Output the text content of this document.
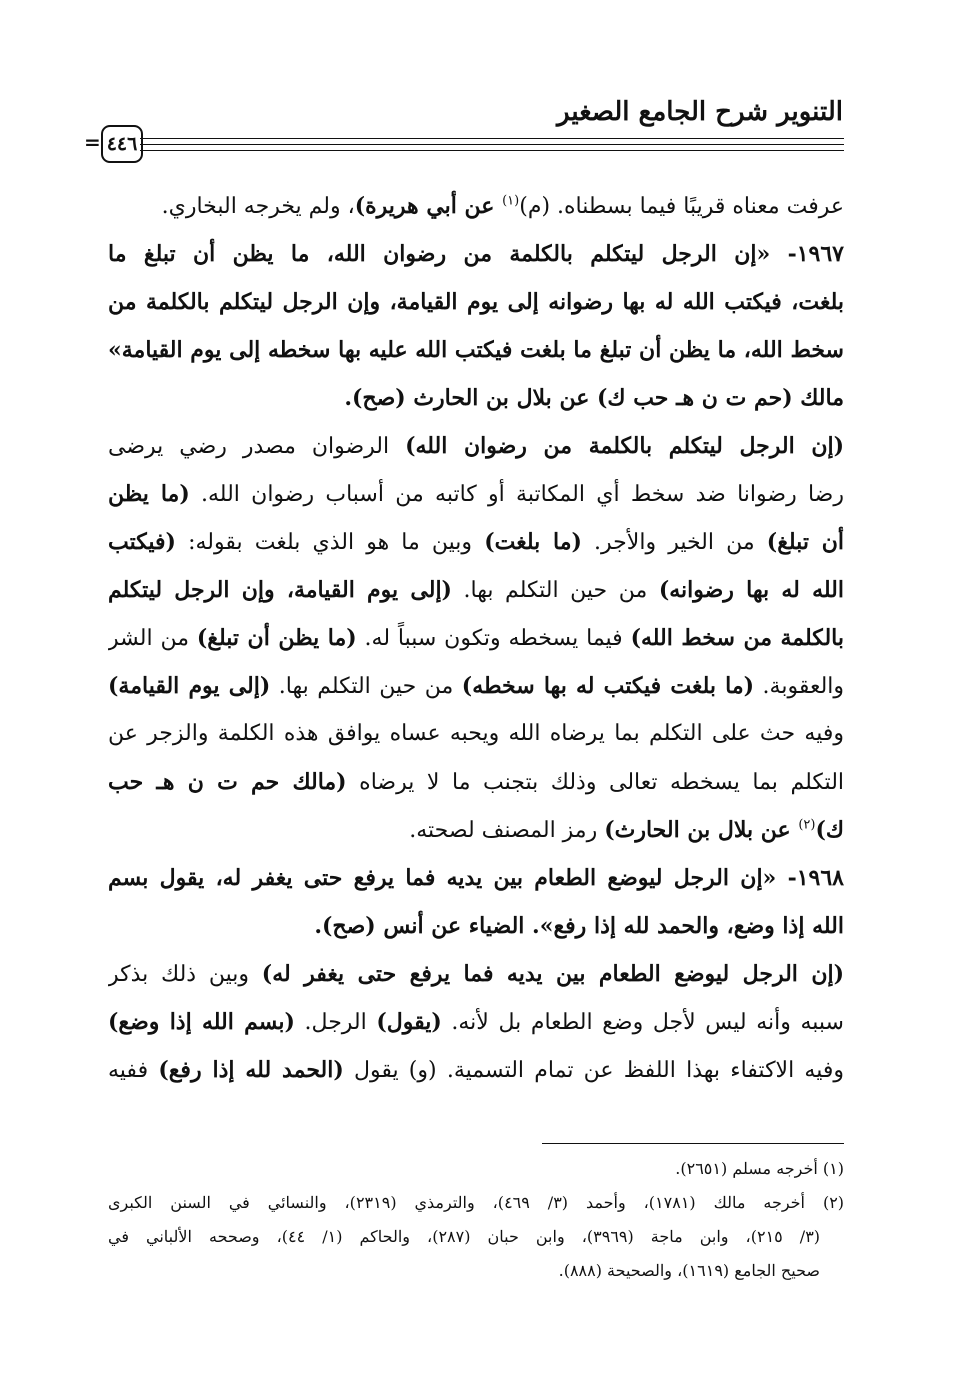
التنوير شرح الجامع الصغير
٤٤٦
=
عرفت معناه قريبًا فيما بسطناه. (م)$^{(١)}$ عن أبي هريرة)، ولم يخرجه البخاري.
١٩٦٧- «إن الرجل ليتكلم بالكلمة من رضوان الله، ما يظن أن تبلغ ما
بلغت، فيكتب الله له بها رضوانه إلى يوم القيامة، وإن الرجل ليتكلم بالكلمة من
سخط الله، ما يظن أن تبلغ ما بلغت فيكتب الله عليه بها سخطه إلى يوم القيامة»
مالك (حم ت ن هـ حب ك) عن بلال بن الحارث (صح).
(إن الرجل ليتكلم بالكلمة من رضوان الله) الرضوان مصدر رضي يرضى
رضا رضوانا ضد سخط أي المكاتبة أو كاتبه من أسباب رضوان الله. (ما يظن
أن تبلغ) من الخير والأجر. (ما بلغت) وبين ما هو الذي بلغت بقوله: (فيكتب
الله له بها رضوانه) من حين التكلم بها. (إلى يوم القيامة، وإن الرجل ليتكلم
بالكلمة من سخط الله) فيما يسخطه وتكون سبباً له. (ما يظن أن تبلغ) من الشر
والعقوبة. (ما بلغت فيكتب له بها سخطه) من حين التكلم بها. (إلى يوم القيامة)
وفيه حث على التكلم بما يرضاه الله ويحبه عساه يوافق هذه الكلمة والزجر عن
التكلم بما يسخطه تعالى وذلك بتجنب ما لا يرضاه (مالك حم ت ن هـ حب
ك)$^{(٢)}$ عن بلال بن الحارث) رمز المصنف لصحته.
١٩٦٨- «إن الرجل ليوضع الطعام بين يديه فما يرفع حتى يغفر له، يقول بسم
الله إذا وضع، والحمد لله إذا رفع». الضياء عن أنس (صح).
(إن الرجل ليوضع الطعام بين يديه فما يرفع حتى يغفر له) وبين ذلك بذكر
سببه وأنه ليس لأجل وضع الطعام بل لأنه. (يقول) الرجل. (بسم الله إذا وضع)
وفيه الاكتفاء بهذا اللفظ عن تمام التسمية. (و) يقول (الحمد لله إذا رفع) ففيه
(١) أخرجه مسلم (٢٦٥١).
(٢) أخرجه مالك (١٧٨١)، وأحمد (٣/ ٤٦٩)، والترمذي (٢٣١٩)، والنسائي في السنن الكبرى
(٣/ ٢١٥)، وابن ماجة (٣٩٦٩)، وابن حبان (٢٨٧)، والحاكم (١/ ٤٤)، وصححه الألباني في
صحيح الجامع (١٦١٩)، والصحيحة (٨٨٨).
